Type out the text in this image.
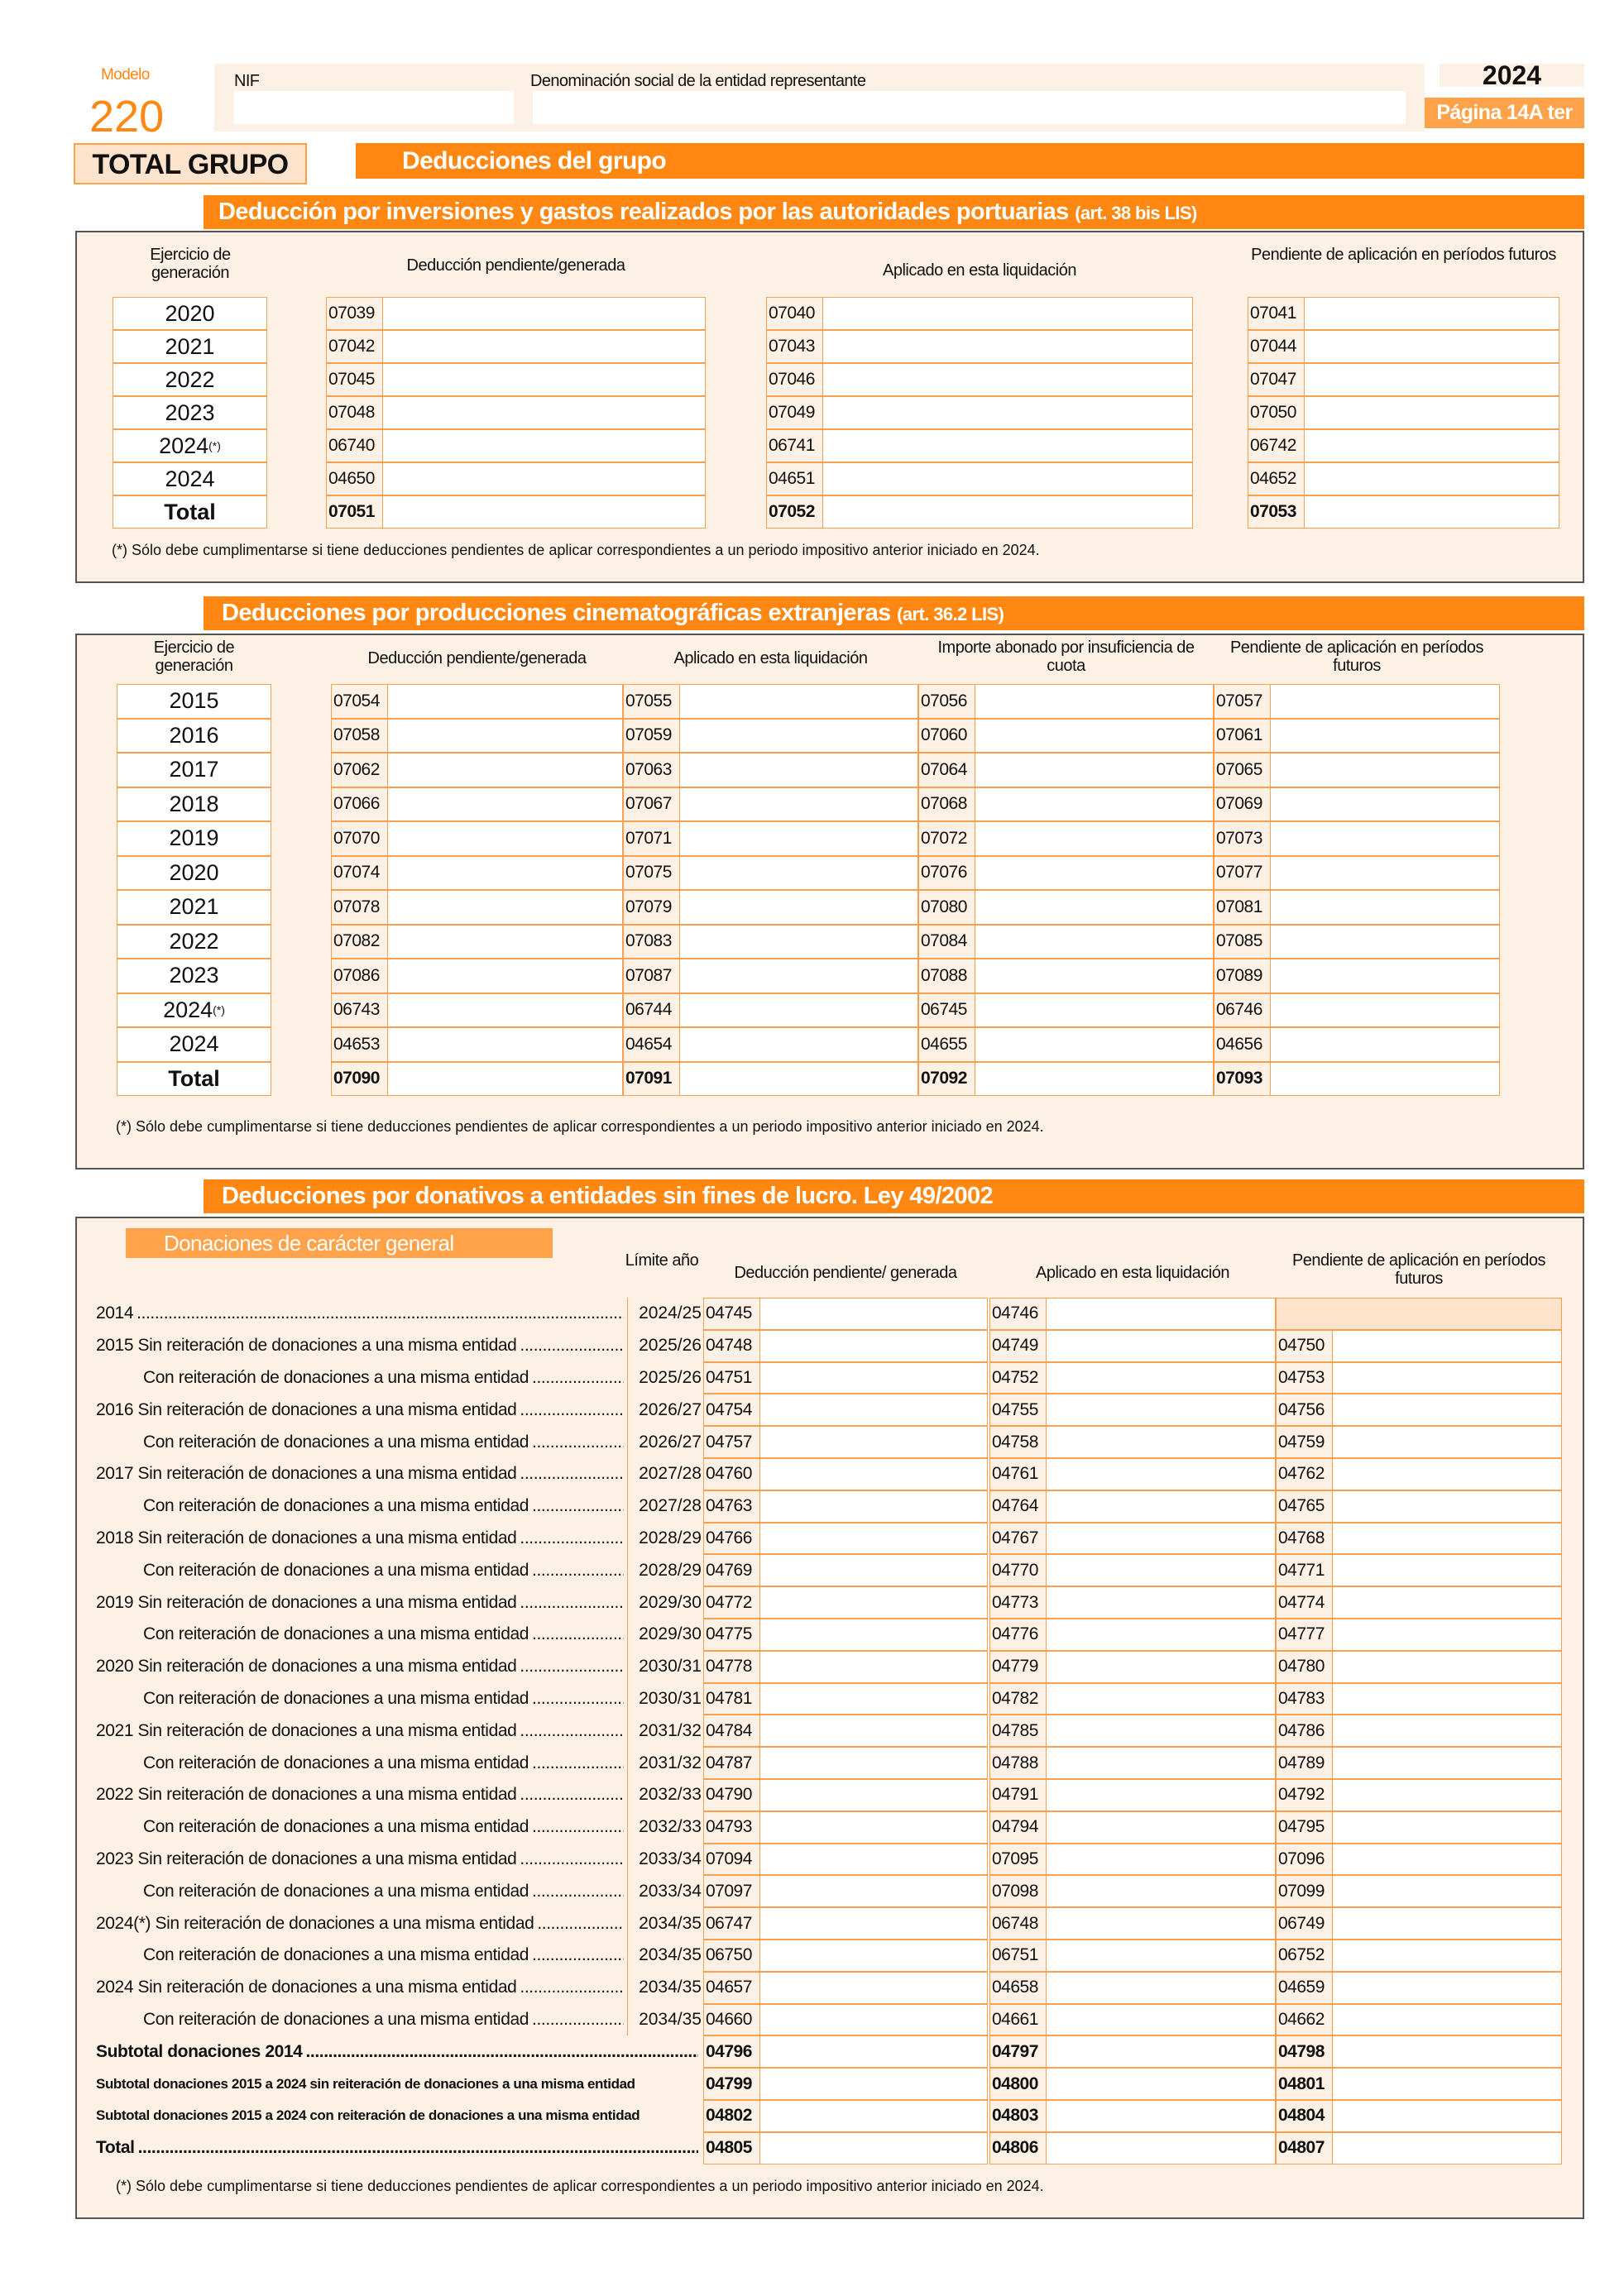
Modelo
220
NIF	Denominación social de la entidad representante	2024
Página 14A ter
TOTAL GRUPO	Deducciones del grupo
Deducción por inversiones y gastos realizados por las autoridades portuarias (art. 38 bis LIS)
Ejercicio de generación	Deducción pendiente/generada	Aplicado en esta liquidación
Pendiente de aplicación en períodos futuros
2020	07039	07040	07041
2021	07042	07043	07044
2022	07045	07046	07047
2023	07048	07049	07050
2024 (*)	06740	06741	06742
2024	04650	04651	04652
Total	07051	07052	07053
(*) Sólo debe cumplimentarse si tiene deducciones pendientes de aplicar correspondientes a un periodo impositivo anterior iniciado en 2024.
Deducciones por producciones cinematográficas extranjeras (art. 36.2 LIS)
Ejercicio de generación	Deducción pendiente/generada	Aplicado en esta liquidación
Importe abonado por insuficiencia de cuota
Pendiente de aplicación en períodos futuros
2015	07054	07055	07056	07057
2016	07058	07059	07060	07061
2017	07062	07063	07064	07065
2018	07066	07067	07068	07069
2019	07070	07071	07072	07073
2020	07074	07075	07076	07077
2021	07078	07079	07080	07081
2022	07082	07083	07084	07085
2023	07086	07087	07088	07089
2024 (*)	06743	06744	06745	06746
2024	04653	04654	04655	04656
Total	07090	07091	07092	07093
(*) Sólo debe cumplimentarse si tiene deducciones pendientes de aplicar correspondientes a un periodo impositivo anterior iniciado en 2024.
Deducciones por donativos a entidades sin fines de lucro. Ley 49/2002
Donaciones de carácter general
Límite año
Deducción pendiente/ generada	Aplicado en esta liquidación
Pendiente de aplicación en períodos futuros
2014 .....	2024/25 04745	04746
2015 Sin reiteración de donaciones a una misma entidad .....	2025/26 04748	04749	04750
Con reiteración de donaciones a una misma entidad .....	2025/26 04751	04752	04753
2016 Sin reiteración de donaciones a una misma entidad .....	2026/27 04754	04755	04756
Con reiteración de donaciones a una misma entidad .....	2026/27 04757	04758	04759
2017 Sin reiteración de donaciones a una misma entidad .....	2027/28 04760	04761	04762
Con reiteración de donaciones a una misma entidad .....	2027/28 04763	04764	04765
2018 Sin reiteración de donaciones a una misma entidad .....	2028/29 04766	04767	04768
Con reiteración de donaciones a una misma entidad .....	2028/29 04769	04770	04771
2019 Sin reiteración de donaciones a una misma entidad .....	2029/30 04772	04773	04774
Con reiteración de donaciones a una misma entidad .....	2029/30 04775	04776	04777
2020 Sin reiteración de donaciones a una misma entidad .....	2030/31 04778	04779	04780
Con reiteración de donaciones a una misma entidad .....	2030/31 04781	04782	04783
2021 Sin reiteración de donaciones a una misma entidad .....	2031/32 04784	04785	04786
Con reiteración de donaciones a una misma entidad .....	2031/32 04787	04788	04789
2022 Sin reiteración de donaciones a una misma entidad .....	2032/33 04790	04791	04792
Con reiteración de donaciones a una misma entidad .....	2032/33 04793	04794	04795
2023 Sin reiteración de donaciones a una misma entidad .....	2033/34 07094	07095	07096
Con reiteración de donaciones a una misma entidad .....	2033/34 07097	07098	07099
2024(*) Sin reiteración de donaciones a una misma entidad .....	2034/35 06747	06748	06749
Con reiteración de donaciones a una misma entidad .....	2034/35 06750	06751	06752
2024 Sin reiteración de donaciones a una misma entidad .....	2034/35 04657	04658	04659
Con reiteración de donaciones a una misma entidad .....	2034/35 04660	04661	04662
Subtotal donaciones 2014 .....	04796	04797	04798
Subtotal donaciones 2015 a 2024 sin reiteración de donaciones a una misma entidad	04799	04800	04801
Subtotal donaciones 2015 a 2024 con reiteración de donaciones a una misma entidad	04802	04803	04804
Total .....	04805	04806	04807
(*) Sólo debe cumplimentarse si tiene deducciones pendientes de aplicar correspondientes a un periodo impositivo anterior iniciado en 2024.
